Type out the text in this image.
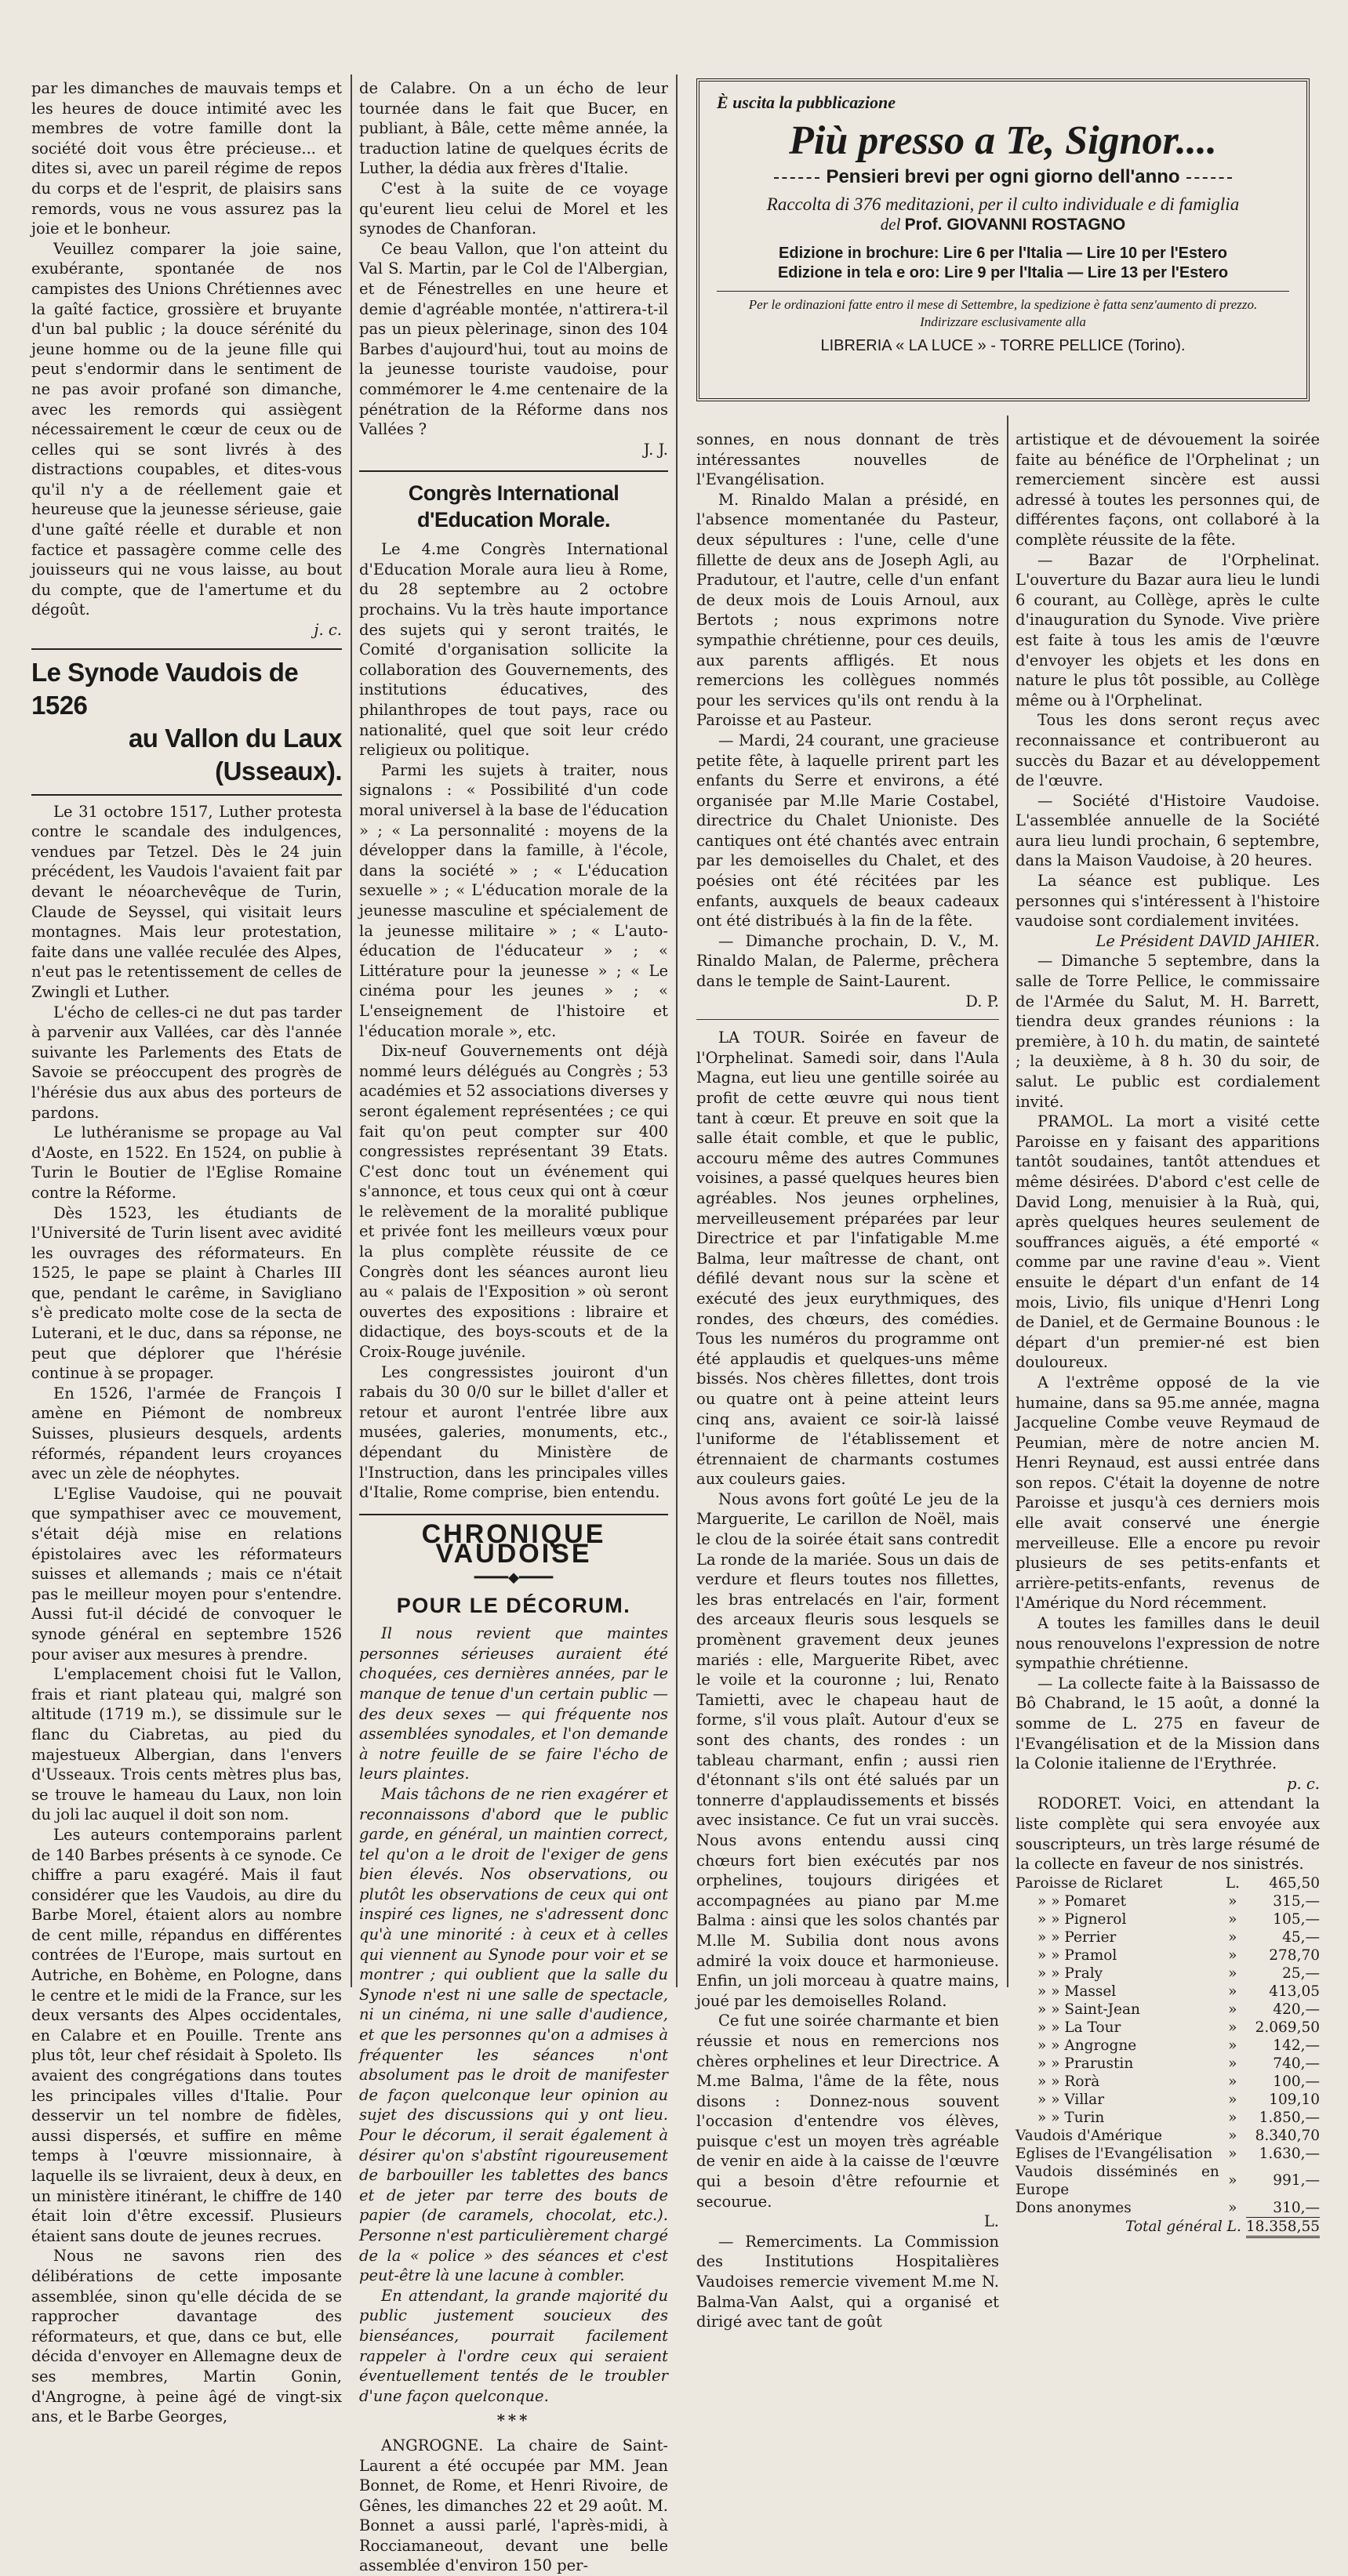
par les dimanches de mauvais temps et les heures de douce intimité avec les membres de votre famille dont la société doit vous être précieuse... et dites si, avec un pareil régime de repos du corps et de l'esprit, de plaisirs sans remords, vous ne vous assurez pas la joie et le bonheur.

Veuillez comparer la joie saine, exubérante, spontanée de nos campistes des Unions Chrétiennes avec la gaîté factice, grossière et bruyante d'un bal public ; la douce sérénité du jeune homme ou de la jeune fille qui peut s'endormir dans le sentiment de ne pas avoir profané son dimanche, avec les remords qui assiègent nécessairement le cœur de ceux ou de celles qui se sont livrés à des distractions coupables, et dites-vous qu'il n'y a de réellement gaie et heureuse que la jeunesse sérieuse, gaie d'une gaîté réelle et durable et non factice et passagère comme celle des jouisseurs qui ne vous laisse, au bout du compte, que de l'amertume et du dégoût.

j. c.
Le Synode Vaudois de 1526
au Vallon du Laux (Usseaux).

Le 31 octobre 1517, Luther protesta contre le scandale des indulgences, vendues par Tetzel. Dès le 24 juin précédent, les Vaudois l'avaient fait par devant le néoarchevêque de Turin, Claude de Seyssel, qui visitait leurs montagnes. Mais leur protestation, faite dans une vallée reculée des Alpes, n'eut pas le retentissement de celles de Zwingli et Luther.

L'écho de celles-ci ne dut pas tarder à parvenir aux Vallées, car dès l'année suivante les Parlements des Etats de Savoie se préoccupent des progrès de l'hérésie dus aux abus des porteurs de pardons.

Le luthéranisme se propage au Val d'Aoste, en 1522. En 1524, on publie à Turin le Boutier de l'Eglise Romaine contre la Réforme.

Dès 1523, les étudiants de l'Université de Turin lisent avec avidité les ouvrages des réformateurs. En 1525, le pape se plaint à Charles III que, pendant le carême, in Savigliano s'è predicato molte cose de la secta de Luterani, et le duc, dans sa réponse, ne peut que déplorer que l'hérésie continue à se propager.

En 1526, l'armée de François I amène en Piémont de nombreux Suisses, plusieurs desquels, ardents réformés, répandent leurs croyances avec un zèle de néophytes.

L'Eglise Vaudoise, qui ne pouvait que sympathiser avec ce mouvement, s'était déjà mise en relations épistolaires avec les réformateurs suisses et allemands ; mais ce n'était pas le meilleur moyen pour s'entendre. Aussi fut-il décidé de convoquer le synode général en septembre 1526 pour aviser aux mesures à prendre.

L'emplacement choisi fut le Vallon, frais et riant plateau qui, malgré son altitude (1719 m.), se dissimule sur le flanc du Ciabretas, au pied du majestueux Albergian, dans l'envers d'Usseaux. Trois cents mètres plus bas, se trouve le hameau du Laux, non loin du joli lac auquel il doit son nom.

Les auteurs contemporains parlent de 140 Barbes présents à ce synode. Ce chiffre a paru exagéré. Mais il faut considérer que les Vaudois, au dire du Barbe Morel, étaient alors au nombre de cent mille, répandus en différentes contrées de l'Europe, mais surtout en Autriche, en Bohème, en Pologne, dans le centre et le midi de la France, sur les deux versants des Alpes occidentales, en Calabre et en Pouille. Trente ans plus tôt, leur chef résidait à Spoleto. Ils avaient des congrégations dans toutes les principales villes d'Italie. Pour desservir un tel nombre de fidèles, aussi dispersés, et suffire en même temps à l'œuvre missionnaire, à laquelle ils se livraient, deux à deux, en un ministère itinérant, le chiffre de 140 était loin d'être excessif. Plusieurs étaient sans doute de jeunes recrues.

Nous ne savons rien des délibérations de cette imposante assemblée, sinon qu'elle décida de se rapprocher davantage des réformateurs, et que, dans ce but, elle décida d'envoyer en Allemagne deux de ses membres, Martin Gonin, d'Angrogne, à peine âgé de vingt-six ans, et le Barbe Georges,

de Calabre. On a un écho de leur tournée dans le fait que Bucer, en publiant, à Bâle, cette même année, la traduction latine de quelques écrits de Luther, la dédia aux frères d'Italie.

C'est à la suite de ce voyage qu'eurent lieu celui de Morel et les synodes de Chanforan.

Ce beau Vallon, que l'on atteint du Val S. Martin, par le Col de l'Albergian, et de Fénestrelles en une heure et demie d'agréable montée, n'attirera-t-il pas un pieux pèlerinage, sinon des 104 Barbes d'aujourd'hui, tout au moins de la jeunesse touriste vaudoise, pour commémorer le 4.me centenaire de la pénétration de la Réforme dans nos Vallées ?

J. J.
Congrès International d'Education Morale.

Le 4.me Congrès International d'Education Morale aura lieu à Rome, du 28 septembre au 2 octobre prochains. Vu la très haute importance des sujets qui y seront traités, le Comité d'organisation sollicite la collaboration des Gouvernements, des institutions éducatives, des philanthropes de tout pays, race ou nationalité, quel que soit leur crédo religieux ou politique.

Parmi les sujets à traiter, nous signalons : « Possibilité d'un code moral universel à la base de l'éducation » ; « La personnalité : moyens de la développer dans la famille, à l'école, dans la société » ; « L'éducation sexuelle » ; « L'éducation morale de la jeunesse masculine et spécialement de la jeunesse militaire » ; « L'auto-éducation de l'éducateur » ; « Littérature pour la jeunesse » ; « Le cinéma pour les jeunes » ; « L'enseignement de l'histoire et l'éducation morale », etc.

Dix-neuf Gouvernements ont déjà nommé leurs délégués au Congrès ; 53 académies et 52 associations diverses y seront également représentées ; ce qui fait qu'on peut compter sur 400 congressistes représentant 39 Etats. C'est donc tout un événement qui s'annonce, et tous ceux qui ont à cœur le relèvement de la moralité publique et privée font les meilleurs vœux pour la plus complète réussite de ce Congrès dont les séances auront lieu au « palais de l'Exposition » où seront ouvertes des expositions : libraire et didactique, des boys-scouts et de la Croix-Rouge juvénile.

Les congressistes jouiront d'un rabais du 30 0/0 sur le billet d'aller et retour et auront l'entrée libre aux musées, galeries, monuments, etc., dépendant du Ministère de l'Instruction, dans les principales villes d'Italie, Rome comprise, bien entendu.

CHRONIQUE VAUDOISE
━━━━◆━━━━
POUR LE DÉCORUM.

Il nous revient que maintes personnes sérieuses auraient été choquées, ces dernières années, par le manque de tenue d'un certain public — des deux sexes — qui fréquente nos assemblées synodales, et l'on demande à notre feuille de se faire l'écho de leurs plaintes.

Mais tâchons de ne rien exagérer et reconnaissons d'abord que le public garde, en général, un maintien correct, tel qu'on a le droit de l'exiger de gens bien élevés. Nos observations, ou plutôt les observations de ceux qui ont inspiré ces lignes, ne s'adressent donc qu'à une minorité : à ceux et à celles qui viennent au Synode pour voir et se montrer ; qui oublient que la salle du Synode n'est ni une salle de spectacle, ni un cinéma, ni une salle d'audience, et que les personnes qu'on a admises à fréquenter les séances n'ont absolument pas le droit de manifester de façon quelconque leur opinion au sujet des discussions qui y ont lieu. Pour le décorum, il serait également à désirer qu'on s'abstînt rigoureusement de barbouiller les tablettes des bancs et de jeter par terre des bouts de papier (de caramels, chocolat, etc.). Personne n'est particulièrement chargé de la « police » des séances et c'est peut-être là une lacune à combler.

En attendant, la grande majorité du public justement soucieux des bienséances, pourrait facilement rappeler à l'ordre ceux qui seraient éventuellement tentés de le troubler d'une façon quelconque.

***

ANGROGNE. La chaire de Saint-Laurent a été occupée par MM. Jean Bonnet, de Rome, et Henri Rivoire, de Gênes, les dimanches 22 et 29 août. M. Bonnet a aussi parlé, l'après-midi, à Rocciamaneout, devant une belle assemblée d'environ 150 per-

È uscita la pubblicazione
Più presso a Te, Signor....
Pensieri brevi per ogni giorno dell'anno
Raccolta di 376 meditazioni, per il culto individuale e di famiglia
del Prof. GIOVANNI ROSTAGNO
Edizione in brochure: Lire 6 per l'Italia — Lire 10 per l'Estero
Edizione in tela e oro: Lire 9 per l'Italia — Lire 13 per l'Estero
Per le ordinazioni fatte entro il mese di Settembre, la spedizione è fatta senz'aumento di prezzo.
Indirizzare esclusivamente alla
LIBRERIA « LA LUCE » - TORRE PELLICE (Torino).

sonnes, en nous donnant de très intéressantes nouvelles de l'Evangélisation.

M. Rinaldo Malan a présidé, en l'absence momentanée du Pasteur, deux sépultures : l'une, celle d'une fillette de deux ans de Joseph Agli, au Pradutour, et l'autre, celle d'un enfant de deux mois de Louis Arnoul, aux Bertots ; nous exprimons notre sympathie chrétienne, pour ces deuils, aux parents affligés. Et nous remercions les collègues nommés pour les services qu'ils ont rendu à la Paroisse et au Pasteur.

— Mardi, 24 courant, une gracieuse petite fête, à laquelle prirent part les enfants du Serre et environs, a été organisée par M.lle Marie Costabel, directrice du Chalet Unioniste. Des cantiques ont été chantés avec entrain par les demoiselles du Chalet, et des poésies ont été récitées par les enfants, auxquels de beaux cadeaux ont été distribués à la fin de la fête.

— Dimanche prochain, D. V., M. Rinaldo Malan, de Palerme, prêchera dans le temple de Saint-Laurent.

D. P.

LA TOUR. Soirée en faveur de l'Orphelinat. Samedi soir, dans l'Aula Magna, eut lieu une gentille soirée au profit de cette œuvre qui nous tient tant à cœur. Et preuve en soit que la salle était comble, et que le public, accouru même des autres Communes voisines, a passé quelques heures bien agréables. Nos jeunes orphelines, merveilleusement préparées par leur Directrice et par l'infatigable M.me Balma, leur maîtresse de chant, ont défilé devant nous sur la scène et exécuté des jeux eurythmiques, des rondes, des chœurs, des comédies. Tous les numéros du programme ont été applaudis et quelques-uns même bissés. Nos chères fillettes, dont trois ou quatre ont à peine atteint leurs cinq ans, avaient ce soir-là laissé l'uniforme de l'établissement et étrennaient de charmants costumes aux couleurs gaies.

Nous avons fort goûté Le jeu de la Marguerite, Le carillon de Noël, mais le clou de la soirée était sans contredit La ronde de la mariée. Sous un dais de verdure et fleurs toutes nos fillettes, les bras entrelacés en l'air, forment des arceaux fleuris sous lesquels se promènent gravement deux jeunes mariés : elle, Marguerite Ribet, avec le voile et la couronne ; lui, Renato Tamietti, avec le chapeau haut de forme, s'il vous plaît. Autour d'eux se sont des chants, des rondes : un tableau charmant, enfin ; aussi rien d'étonnant s'ils ont été salués par un tonnerre d'applaudissements et bissés avec insistance. Ce fut un vrai succès. Nous avons entendu aussi cinq chœurs fort bien exécutés par nos orphelines, toujours dirigées et accompagnées au piano par M.me Balma : ainsi que les solos chantés par M.lle M. Subilia dont nous avons admiré la voix douce et harmonieuse. Enfin, un joli morceau à quatre mains, joué par les demoiselles Roland.

Ce fut une soirée charmante et bien réussie et nous en remercions nos chères orphelines et leur Directrice. A M.me Balma, l'âme de la fête, nous disons : Donnez-nous souvent l'occasion d'entendre vos élèves, puisque c'est un moyen très agréable de venir en aide à la caisse de l'œuvre qui a besoin d'être refournie et secourue.

L.

— Remerciments. La Commission des Institutions Hospitalières Vaudoises remercie vivement M.me N. Balma-Van Aalst, qui a organisé et dirigé avec tant de goût

artistique et de dévouement la soirée faite au bénéfice de l'Orphelinat ; un remerciement sincère est aussi adressé à toutes les personnes qui, de différentes façons, ont collaboré à la complète réussite de la fête.

— Bazar de l'Orphelinat. L'ouverture du Bazar aura lieu le lundi 6 courant, au Collège, après le culte d'inauguration du Synode. Vive prière est faite à tous les amis de l'œuvre d'envoyer les objets et les dons en nature le plus tôt possible, au Collège même ou à l'Orphelinat.

Tous les dons seront reçus avec reconnaissance et contribueront au succès du Bazar et au développement de l'œuvre.

— Société d'Histoire Vaudoise. L'assemblée annuelle de la Société aura lieu lundi prochain, 6 septembre, dans la Maison Vaudoise, à 20 heures.

La séance est publique. Les personnes qui s'intéressent à l'histoire vaudoise sont cordialement invitées.

Le Président DAVID JAHIER.

— Dimanche 5 septembre, dans la salle de Torre Pellice, le commissaire de l'Armée du Salut, M. H. Barrett, tiendra deux grandes réunions : la première, à 10 h. du matin, de sainteté ; la deuxième, à 8 h. 30 du soir, de salut. Le public est cordialement invité.

PRAMOL. La mort a visité cette Paroisse en y faisant des apparitions tantôt soudaines, tantôt attendues et même désirées. D'abord c'est celle de David Long, menuisier à la Ruà, qui, après quelques heures seulement de souffrances aiguës, a été emporté « comme par une ravine d'eau ». Vient ensuite le départ d'un enfant de 14 mois, Livio, fils unique d'Henri Long de Daniel, et de Germaine Bounous : le départ d'un premier-né est bien douloureux.

A l'extrême opposé de la vie humaine, dans sa 95.me année, magna Jacqueline Combe veuve Reymaud de Peumian, mère de notre ancien M. Henri Reynaud, est aussi entrée dans son repos. C'était la doyenne de notre Paroisse et jusqu'à ces derniers mois elle avait conservé une énergie merveilleuse. Elle a encore pu revoir plusieurs de ses petits-enfants et arrière-petits-enfants, revenus de l'Amérique du Nord récemment.

A toutes les familles dans le deuil nous renouvelons l'expression de notre sympathie chrétienne.

— La collecte faite à la Baissasso de Bô Chabrand, le 15 août, a donné la somme de L. 275 en faveur de l'Evangélisation et de la Mission dans la Colonie italienne de l'Erythrée.

p. c.

RODORET. Voici, en attendant la liste complète qui sera envoyée aux souscripteurs, un très large résumé de la collecte en faveur de nos sinistrés.

Paroisse de Riclaret	L.	465,50
» » Pomaret	»	315,—
» » Pignerol	»	105,—
» » Perrier	»	45,—
» » Pramol	»	278,70
» » Praly	»	25,—
» » Massel	»	413,05
» » Saint-Jean	»	420,—
» » La Tour	»	2.069,50
» » Angrogne	»	142,—
» » Prarustin	»	740,—
» » Rorà	»	100,—
» » Villar	»	109,10
» » Turin	»	1.850,—
Vaudois d'Amérique	»	8.340,70
Eglises de l'Evangélisation	»	1.630,—
Vaudois disséminés en Europe	»	991,—
Dons anonymes	»	310,—
Total général L.		18.358,55
